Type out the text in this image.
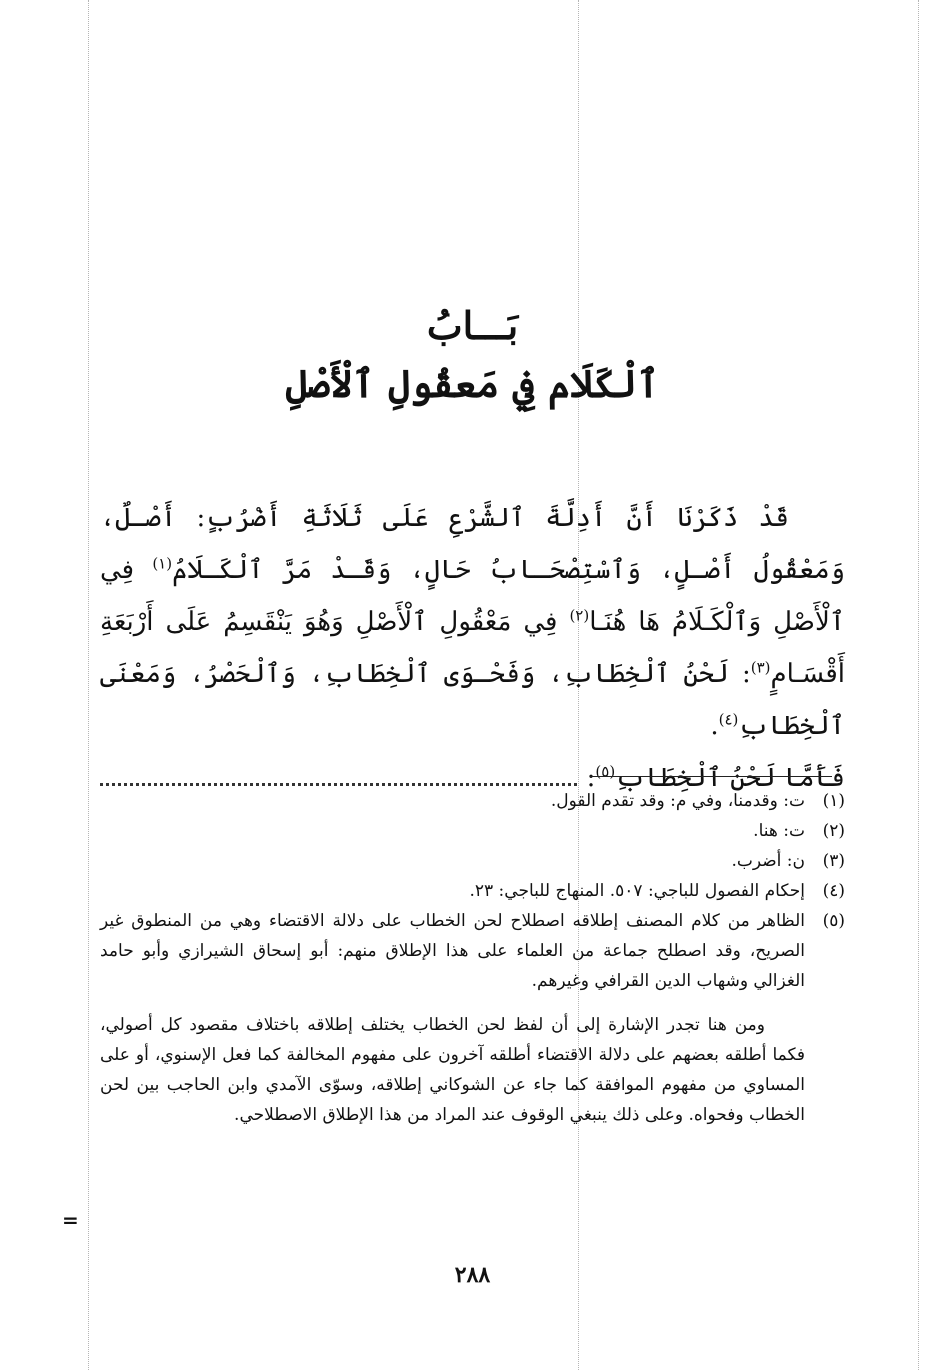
بَـــابُ
ٱلْكَلَام فِي مَعقُولِ ٱلْأَصْلِ

قَدْ ذَكَرْنَا أَنَّ أَدِلَّةَ ٱلشَّرْعِ عَلَى ثَلَاثَةِ أَضْرُبٍ: أَصْـلٌ، وَمَعْقُولُ أَصْـلٍ، وَٱسْتِصْحَـابُ حَالٍ، وَقَـدْ مَرَّ ٱلْكَـلَامُ$^{(١)}$ فِي ٱلْأَصْلِ وَٱلْكَـلَامُ هَا هُنَـا$^{(٢)}$ فِي مَعْقُولِ ٱلْأَصْلِ وَهُوَ يَنْقَسِمُ عَلَى أَرْبَعَةِ أَقْسَـامٍ$^{(٣)}$: لَحْنُ ٱلْخِطَابِ، وَفَحْـوَى ٱلْخِطَابِ، وَٱلْحَصْرُ، وَمَعْنَى ٱلْخِطَابِ$^{(٤)}$.

فَأَمَّا لَحْنُ ٱلْخِطَابِ$^{(٥)}$:
(١)
ت: وقدمنا، وفي م: وقد تقدم القول.
(٢)
ت: هنا.
(٣)
ن: أضرب.
(٤)
إحكام الفصول للباجي: ٥٠٧. المنهاج للباجي: ٢٣.
(٥)
الظاهر من كلام المصنف إطلاقه اصطلاح لحن الخطاب على دلالة الاقتضاء وهي من المنطوق غير الصريح، وقد اصطلح جماعة من العلماء على هذا الإطلاق منهم: أبو إسحاق الشيرازي وأبو حامد الغزالي وشهاب الدين القرافي وغيرهم.

ومن هنا تجدر الإشارة إلى أن لفظ لحن الخطاب يختلف إطلاقه باختلاف مقصود كل أصولي، فكما أطلقه بعضهم على دلالة الاقتضاء أطلقه آخرون على مفهوم المخالفة كما فعل الإسنوي، أو على المساوي من مفهوم الموافقة كما جاء عن الشوكاني إطلاقه، وسوّى الآمدي وابن الحاجب بين لحن الخطاب وفحواه. وعلى ذلك ينبغي الوقوف عند المراد من هذا الإطلاق الاصطلاحي.

=
٢٨٨
